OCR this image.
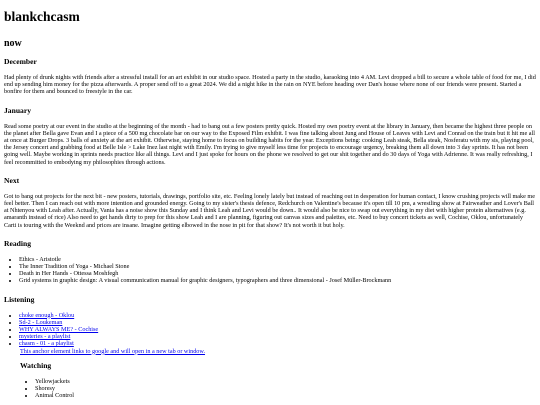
blankchcasm
now
December

Had plenty of drunk nights with friends after a stressful install for an art exhibit in our studio space. Hosted a party in the studio, karaoking into 4 AM. Levi dropped a bill to secure a whole table of food for me, I did end up sending him money for the pizza afterwards. A proper send off to a great 2024. We did a night hike in the rain on NYE before heading over Dan's house where none of our friends were present. Started a bonfire for them and bounced to freestyle in the car.

January

Read some poetry at our event in the studio at the beginning of the month - had to bang out a few posters pretty quick. Hosted my own poetry event at the library in January, then became the highest three people on the planet after Bella gave Evan and I a piece of a 500 mg chocolate bar on our way to the Exposed Film exhibit. I was fine talking about Jung and House of Leaves with Levi and Conrad on the train but it hit me all at once at Burger Drops. 3 balls of anxiety at the art exhibit. Otherwise, staying home to focus on building habits for the year. Exceptions being: cooking Leah steak, Bella steak, Nosferatu with my sis, playing pool, the Jersey concert and grabbing food at Belle Isle > Lake Inez last night with Emily. I'm trying to give myself less time for projects to encourage urgency, breaking them all down into 3 day sprints. It has not been going well. Maybe working in sprints needs practice like all things. Levi and I just spoke for hours on the phone we resolved to get our shit together and do 30 days of Yoga with Adrienne. It was really refreshing, I feel recommitted to embodying my philosophies through actions.

Next

Got to bang out projects for the next bit - new posters, tutorials, drawings, portfolio site, etc. Feeling lonely lately but instead of reaching out in desperation for human contact, I know crushing projects will make me feel better. Then I can reach out with more intention and grounded energy. Going to my sister's thesis defence, Redchurch on Valentine's because it's open till 10 pm, a wrestling show at Fairweather and Lover's Ball at Nhtenyou with Leah after. Actually, Vania has a noise show this Sunday and I think Leah and Levi would be down.. It would also be nice to swap out everything in my diet with higher protein alternatives (e.g. amaranth instead of rice) Also need to get hands dirty to prep for this show Leah and I are planning, figuring out canvas sizes and palettes, etc. Need to buy concert tickets as well, Cochise, Oklou, unfortunately Carti is touring with the Weeknd and prices are insane. Imagine getting elbowed in the nose in pit for that show? It's not worth it but holy.

Reading
• Ethics - Aristotle
• The Inner Tradition of Yoga - Michael Stone
• Death in Her Hands - Ottessa Moshfegh
• Grid systems in graphic design: A visual communication manual for graphic designers, typographers and three dimensional - Josef Müller-Brockmann
Listening
• choke enough - Oklou
• Sd-2 - Loukeman
• WHY ALWAYS ME? - Cochise
• mysteries - a playlist
• chasm - 01 - a playlist
This anchor element links to google and will open in a new tab or window.
Watching
• Yellowjackets
• Shoresy
• Animal Control
